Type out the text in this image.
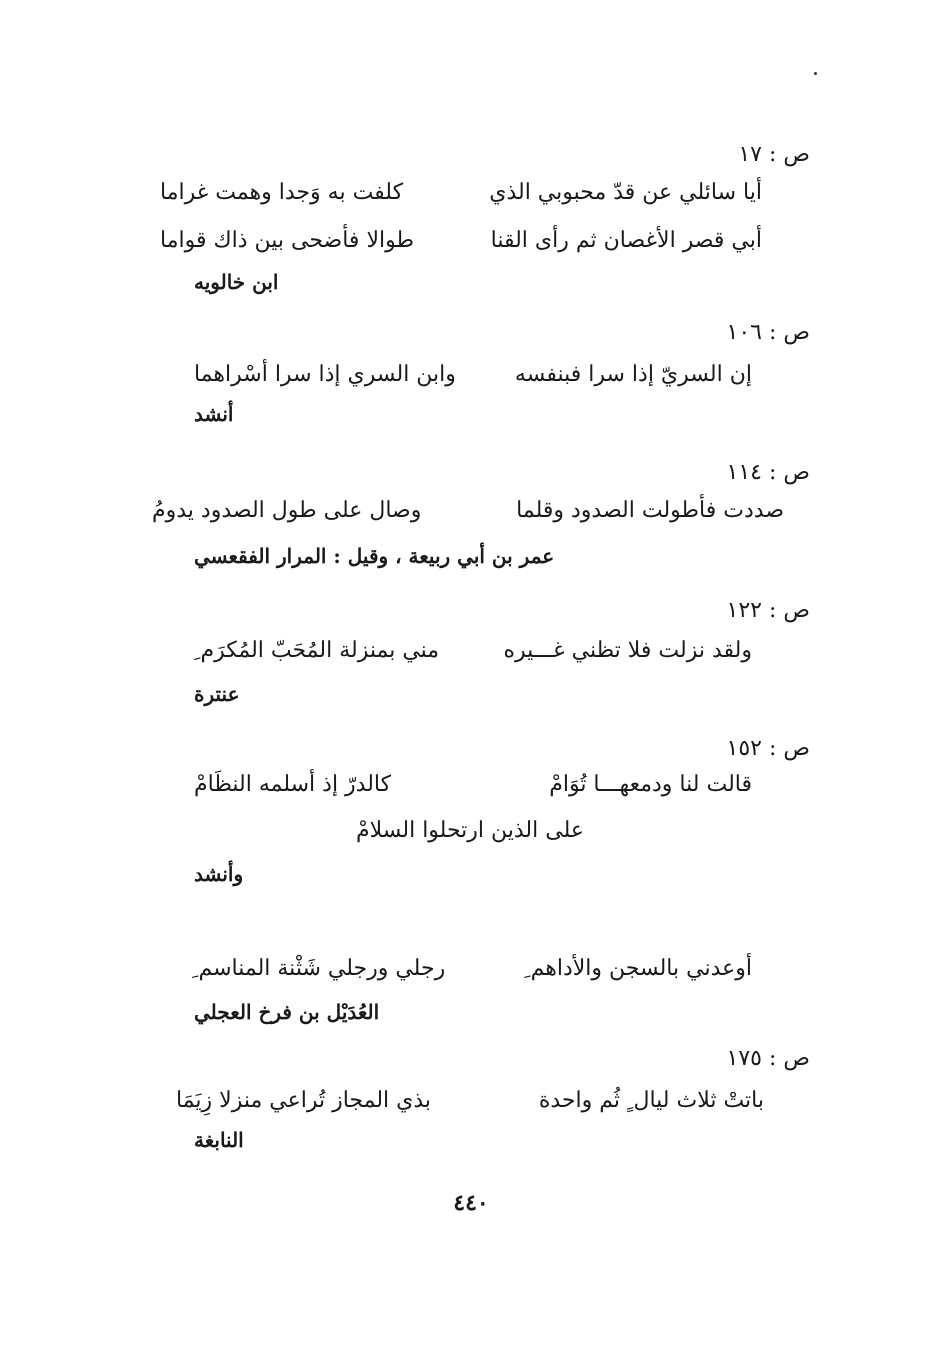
ص : ١٧
أيا سائلي عن قدّ محبوبي الذي
كلفت به وَجدا وهمت غراما
أبي قصر الأغصان ثم رأى القنا
طوالا فأضحى بين ذاك قواما
ابن خالويه
ص : ١٠٦
إن السريّ إذا سرا فبنفسه
وابن السري إذا سرا أسْراهما
أنشد
ص : ١١٤
صددت فأطولت الصدود وقلما
وصال على طول الصدود يدومُ
عمر بن أبي ربيعة ، وقيل : المرار الفقعسي
ص : ١٢٢
ولقد نزلت فلا تظني غـــيره
مني بمنزلة المُحَبّ المُكرَم ِ
عنترة
ص : ١٥٢
قالت لنا ودمعهـــا تُوَامْ
كالدرّ إذ أسلمه النظَامْ
على الذين ارتحلوا السلامْ
وأنشد
أوعدني بالسجن والأداهم ِ
رجلي ورجلي شَثْنة المناسم ِ
العُدَيْل بن فرخ العجلي
ص : ١٧٥
باتتْ ثلاث ليال ٍ ثُم واحدة
بذي المجاز تُراعي منزلا زِيَمَا
النابغة
٤٤٠
